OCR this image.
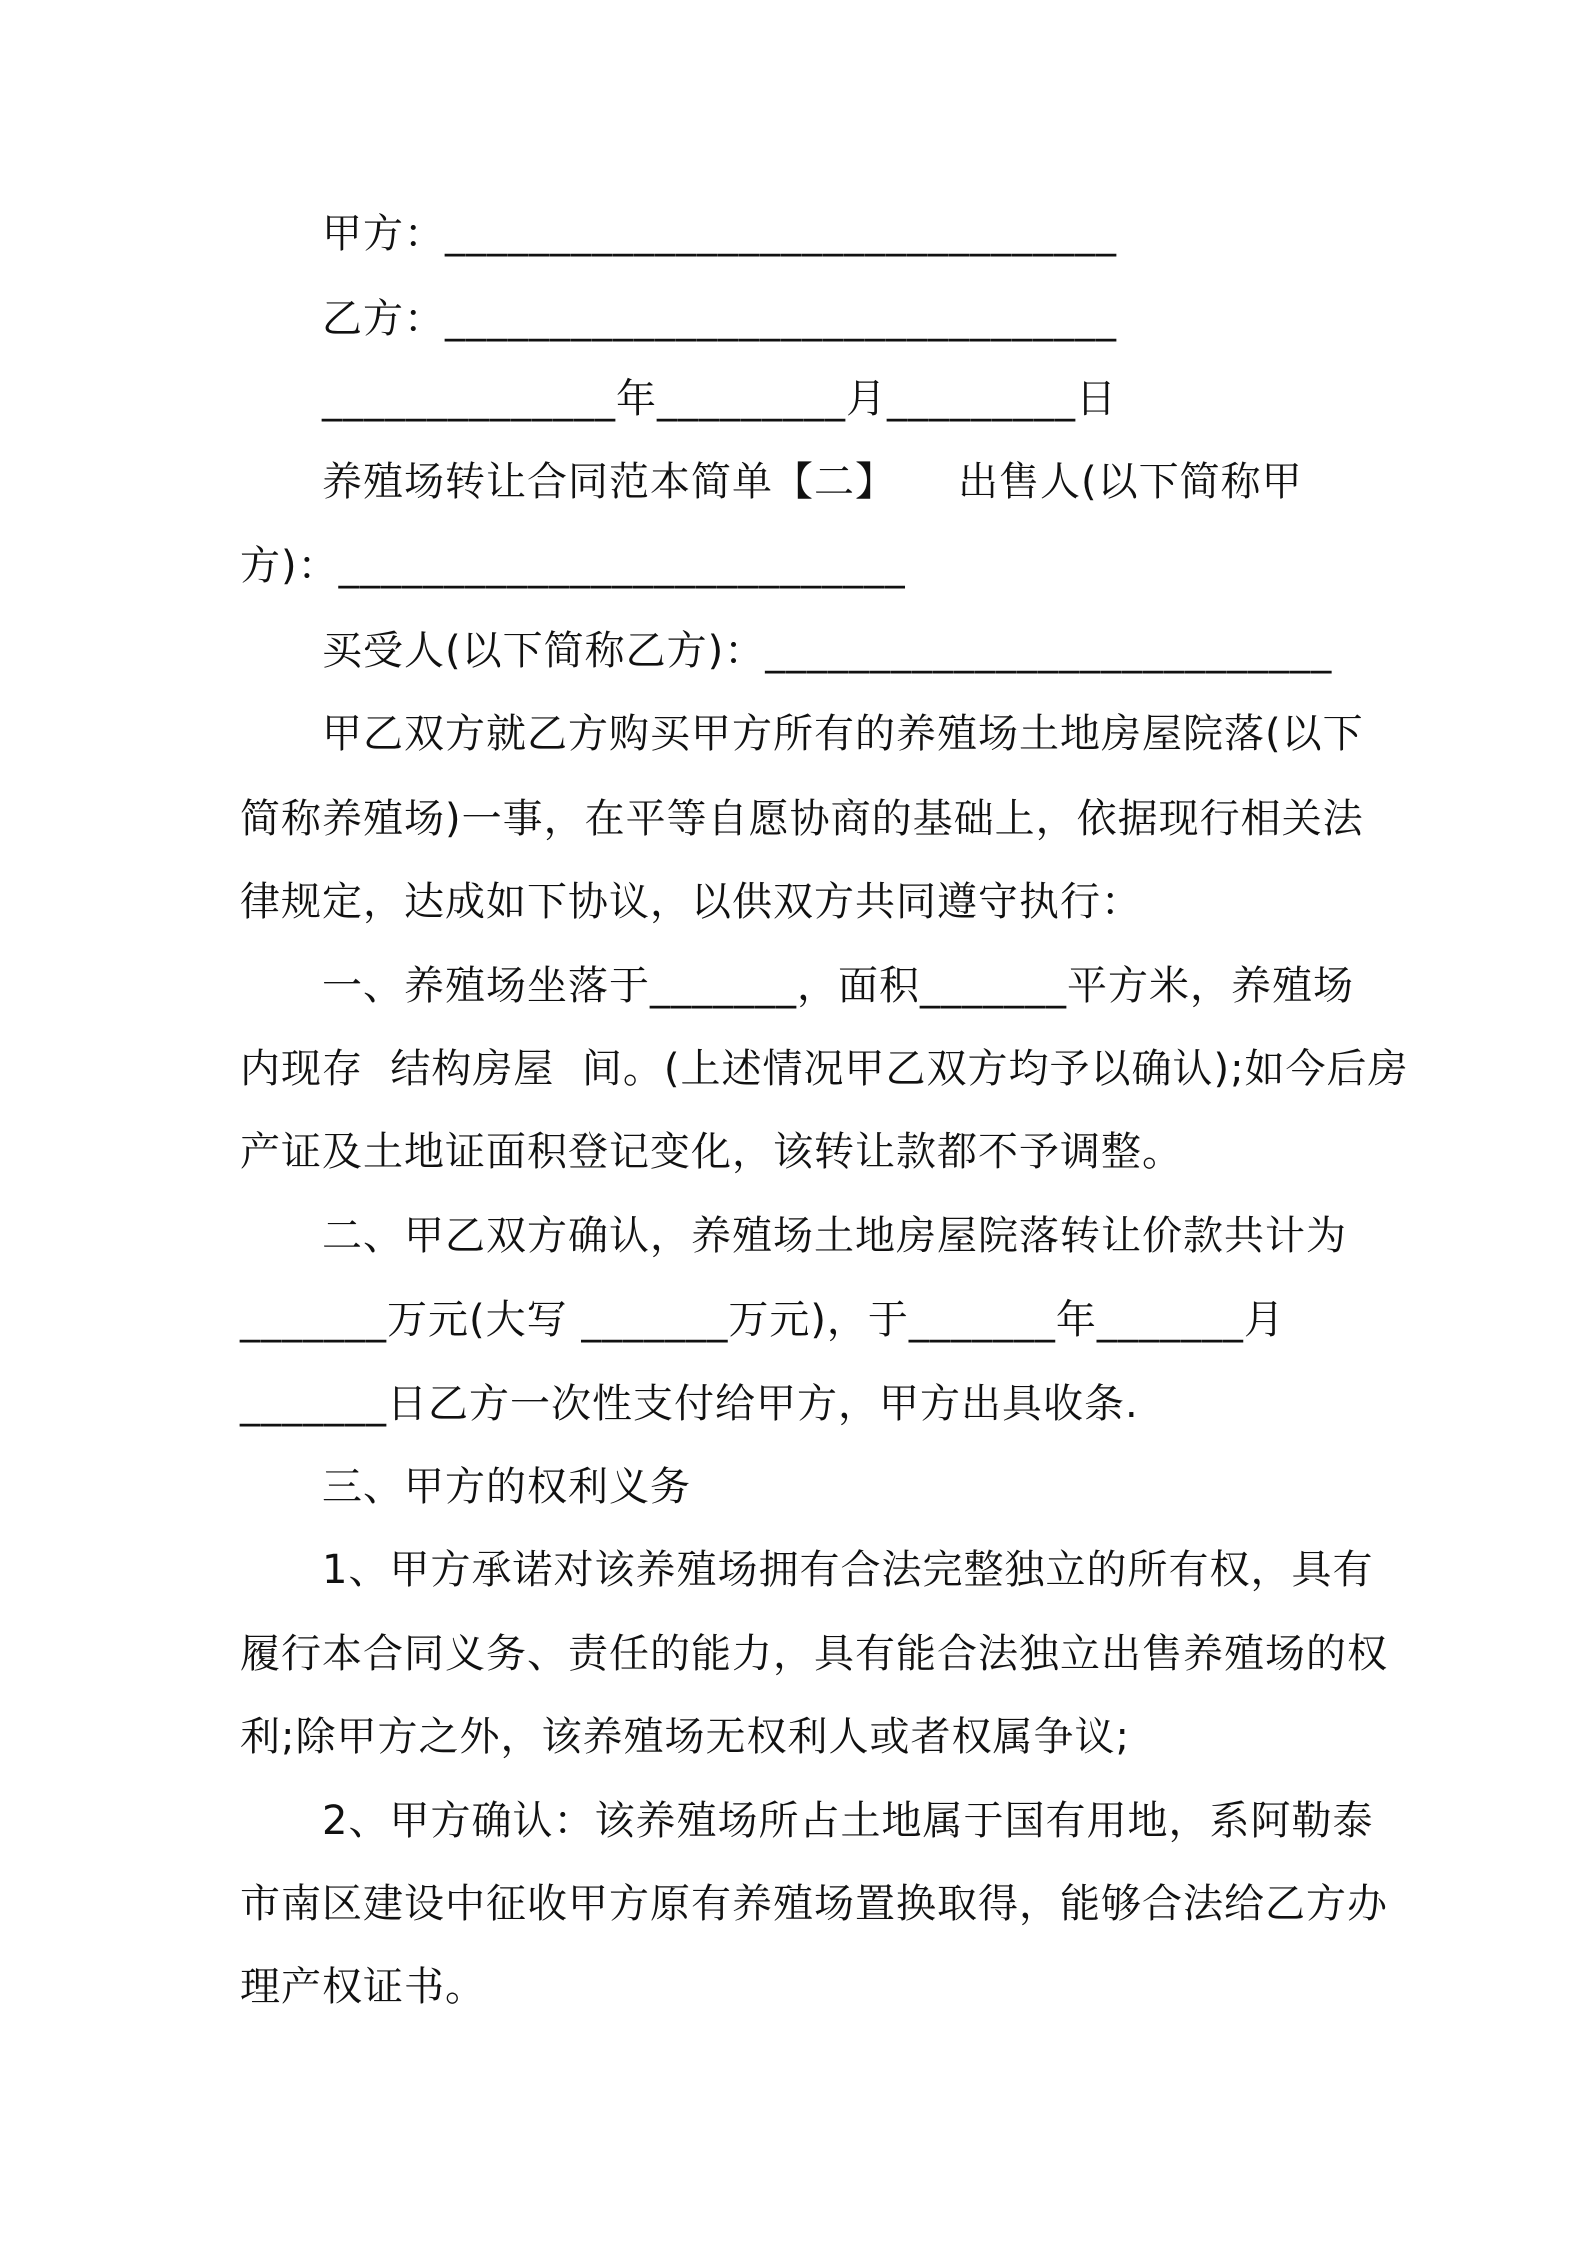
甲方：________________________________
乙方：________________________________
______________年_________月_________日
养殖场转让合同范本简单【二】　　出售人(以下简称甲
方)：___________________________
买受人(以下简称乙方)：___________________________
甲乙双方就乙方购买甲方所有的养殖场土地房屋院落(以下
简称养殖场)一事，在平等自愿协商的基础上，依据现行相关法
律规定，达成如下协议，以供双方共同遵守执行：
一、养殖场坐落于_______，面积_______平方米，养殖场
内现存  结构房屋  间。(上述情况甲乙双方均予以确认);如今后房
产证及土地证面积登记变化，该转让款都不予调整。
二、甲乙双方确认，养殖场土地房屋院落转让价款共计为
_______万元(大写 _______万元)，于_______年_______月
_______日乙方一次性支付给甲方，甲方出具收条.
三、甲方的权利义务
1、甲方承诺对该养殖场拥有合法完整独立的所有权，具有
履行本合同义务、责任的能力，具有能合法独立出售养殖场的权
利;除甲方之外，该养殖场无权利人或者权属争议;
2、甲方确认：该养殖场所占土地属于国有用地，系阿勒泰
市南区建设中征收甲方原有养殖场置换取得，能够合法给乙方办
理产权证书。
